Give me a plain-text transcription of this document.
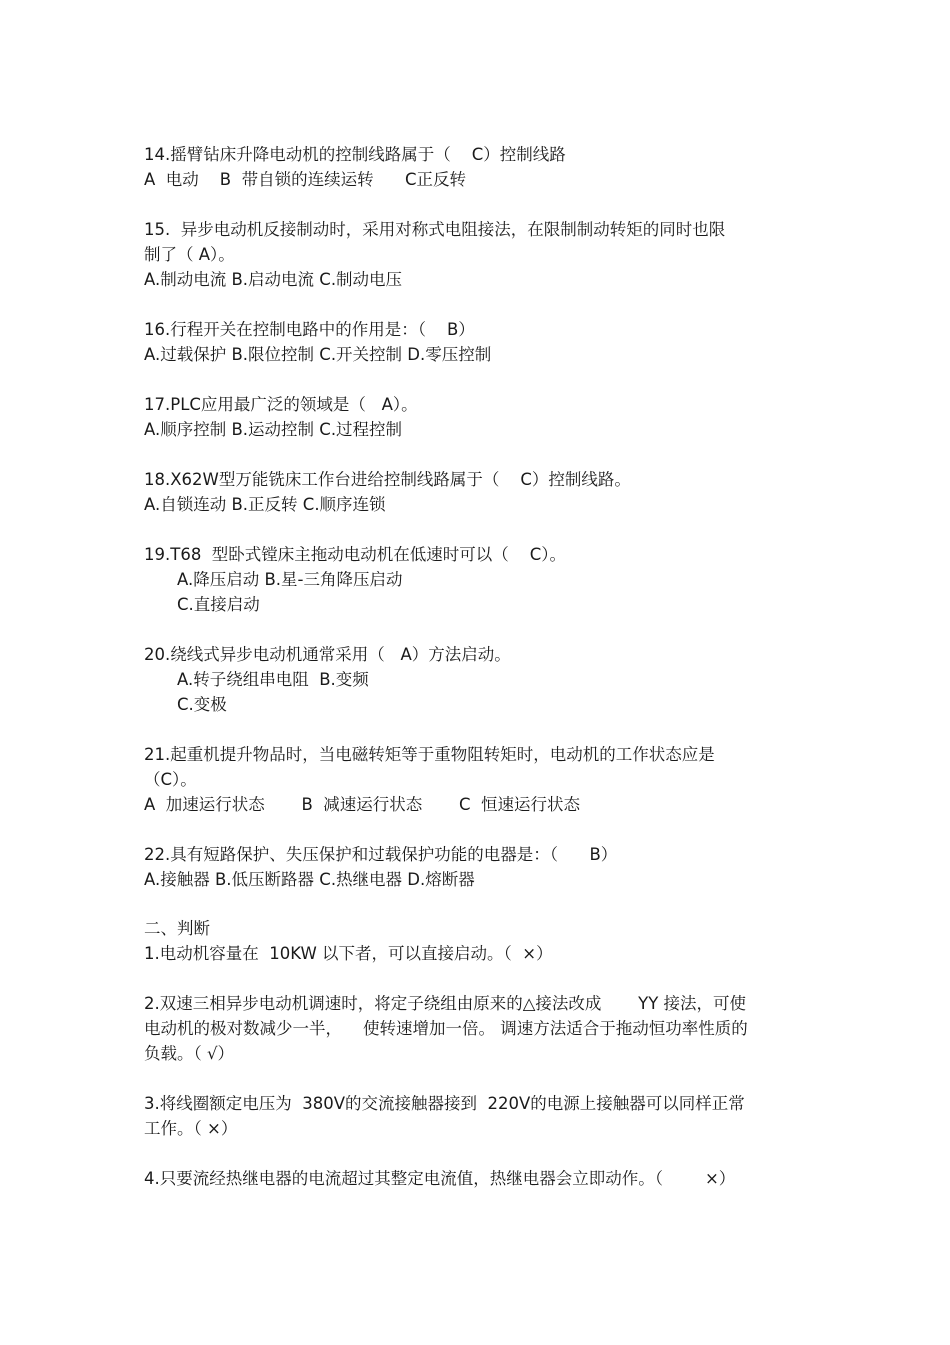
14.摇臂钻床升降电动机的控制线路属于（    C）控制线路
A  电动    B  带自锁的连续运转      C正反转
15.  异步电动机反接制动时，采用对称式电阻接法，在限制制动转矩的同时也限
制了（ A）。
A.制动电流 B.启动电流 C.制动电压
16.行程开关在控制电路中的作用是：（    B）
A.过载保护 B.限位控制 C.开关控制 D.零压控制
17.PLC应用最广泛的领域是（   A）。
A.顺序控制 B.运动控制 C.过程控制
18.X62W型万能铣床工作台进给控制线路属于（    C）控制线路。
A.自锁连动 B.正反转 C.顺序连锁
19.T68  型卧式镗床主拖动电动机在低速时可以（    C）。
A.降压启动 B.星-三角降压启动
C.直接启动
20.绕线式异步电动机通常采用（   A）方法启动。
A.转子绕组串电阻  B.变频
C.变极
21.起重机提升物品时，当电磁转矩等于重物阻转矩时，电动机的工作状态应是
（C）。
A  加速运行状态       B  减速运行状态       C  恒速运行状态
22.具有短路保护、失压保护和过载保护功能的电器是：（      B）
A.接触器 B.低压断路器 C.热继电器 D.熔断器
二、判断
1.电动机容量在  10KW 以下者，可以直接启动。（  ×）
2.双速三相异步电动机调速时，将定子绕组由原来的△接法改成       YY 接法，可使
电动机的极对数减少一半，    使转速增加一倍。 调速方法适合于拖动恒功率性质的
负载。（ √）
3.将线圈额定电压为  380V的交流接触器接到  220V的电源上接触器可以同样正常
工作。（ ×）
4.只要流经热继电器的电流超过其整定电流值，热继电器会立即动作。（        ×）
